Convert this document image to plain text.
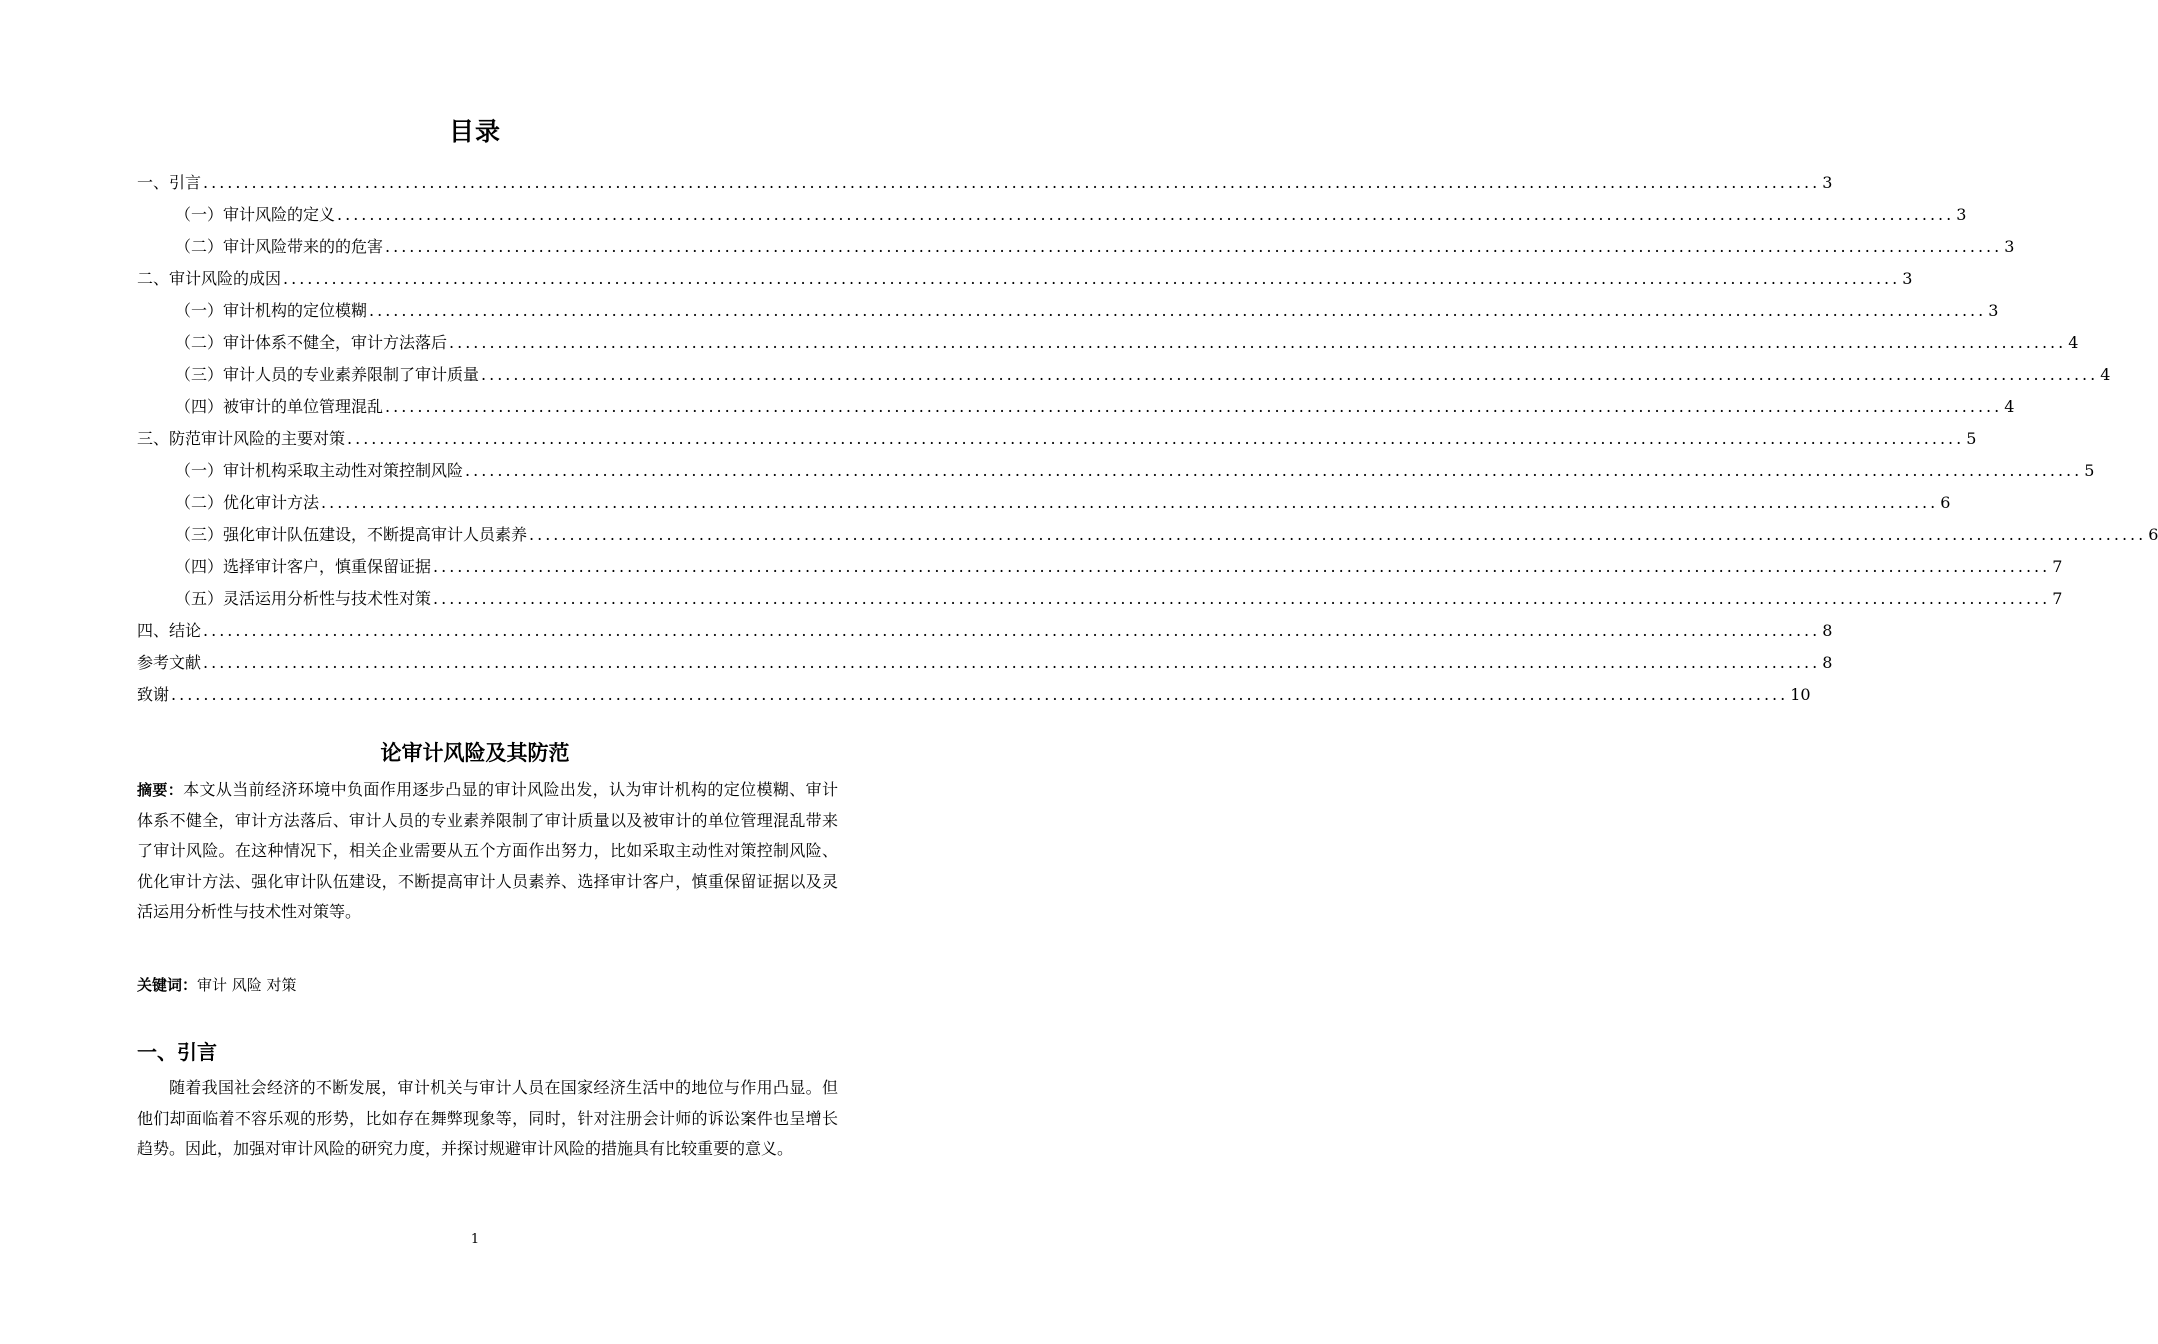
目录
一、引言 ........................................................................................................................................................................................................ 3
（一）审计风险的定义 ........................................................................................................................................................................................................ 3
（二）审计风险带来的的危害 ........................................................................................................................................................................................................ 3
二、审计风险的成因 ........................................................................................................................................................................................................ 3
（一）审计机构的定位模糊 ........................................................................................................................................................................................................ 3
（二）审计体系不健全，审计方法落后 ........................................................................................................................................................................................................ 4
（三）审计人员的专业素养限制了审计质量 ........................................................................................................................................................................................................ 4
（四）被审计的单位管理混乱 ........................................................................................................................................................................................................ 4
三、防范审计风险的主要对策 ........................................................................................................................................................................................................ 5
（一）审计机构采取主动性对策控制风险 ........................................................................................................................................................................................................ 5
（二）优化审计方法 ........................................................................................................................................................................................................ 6
（三）强化审计队伍建设，不断提高审计人员素养 ........................................................................................................................................................................................................ 6
（四）选择审计客户，慎重保留证据 ........................................................................................................................................................................................................ 7
（五）灵活运用分析性与技术性对策 ........................................................................................................................................................................................................ 7
四、结论 ........................................................................................................................................................................................................ 8
参考文献 ........................................................................................................................................................................................................ 8
致谢 ........................................................................................................................................................................................................ 10
论审计风险及其防范
摘要：本文从当前经济环境中负面作用逐步凸显的审计风险出发，认为审计机构的定位模糊、审计体系不健全，审计方法落后、审计人员的专业素养限制了审计质量以及被审计的单位管理混乱带来了审计风险。在这种情况下，相关企业需要从五个方面作出努力，比如采取主动性对策控制风险、优化审计方法、强化审计队伍建设，不断提高审计人员素养、选择审计客户，慎重保留证据以及灵活运用分析性与技术性对策等。
关键词：审计 风险 对策
一、引言
随着我国社会经济的不断发展，审计机关与审计人员在国家经济生活中的地位与作用凸显。但他们却面临着不容乐观的形势，比如存在舞弊现象等，同时，针对注册会计师的诉讼案件也呈增长趋势。因此，加强对审计风险的研究力度，并探讨规避审计风险的措施具有比较重要的意义。
1
